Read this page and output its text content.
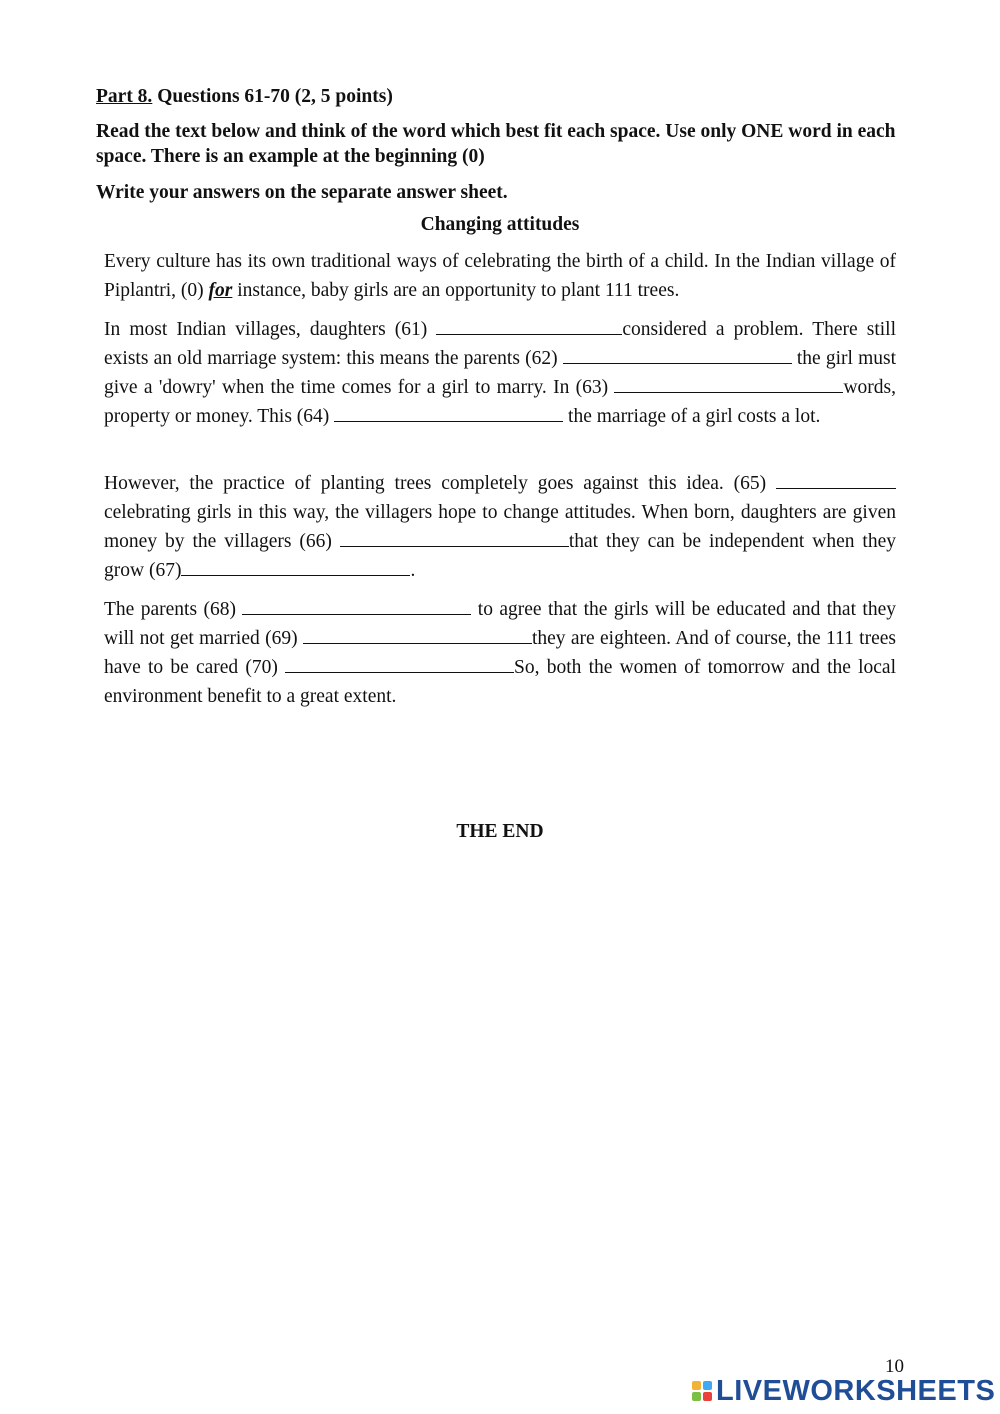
Part 8. Questions 61-70 (2, 5 points)
Read the text below and think of the word which best fit each space. Use only ONE word in each space. There is an example at the beginning (0)
Write your answers on the separate answer sheet.
Changing attitudes
Every culture has its own traditional ways of celebrating the birth of a child. In the Indian village of Piplantri, (0) for instance, baby girls are an opportunity to plant 111 trees.
In most Indian villages, daughters (61)	considered a problem. There still exists an old marriage system: this means the parents (62)	the girl must give a 'dowry' when the time comes for a girl to marry. In (63)	words, property or money. This (64)	the marriage of a girl costs a lot.
However, the practice of planting trees completely goes against this idea. (65)  celebrating girls in this way, the villagers hope to change attitudes. When born, daughters are given money by the villagers (66)	that they can be independent when they grow (67)	.
The parents (68)	to agree that the girls will be educated and that they will not get married (69)	they are eighteen. And of course, the 111 trees have to be cared (70)	So, both the women of tomorrow and the local environment benefit to a great extent.
THE END
10
LIVEWORKSHEETS
